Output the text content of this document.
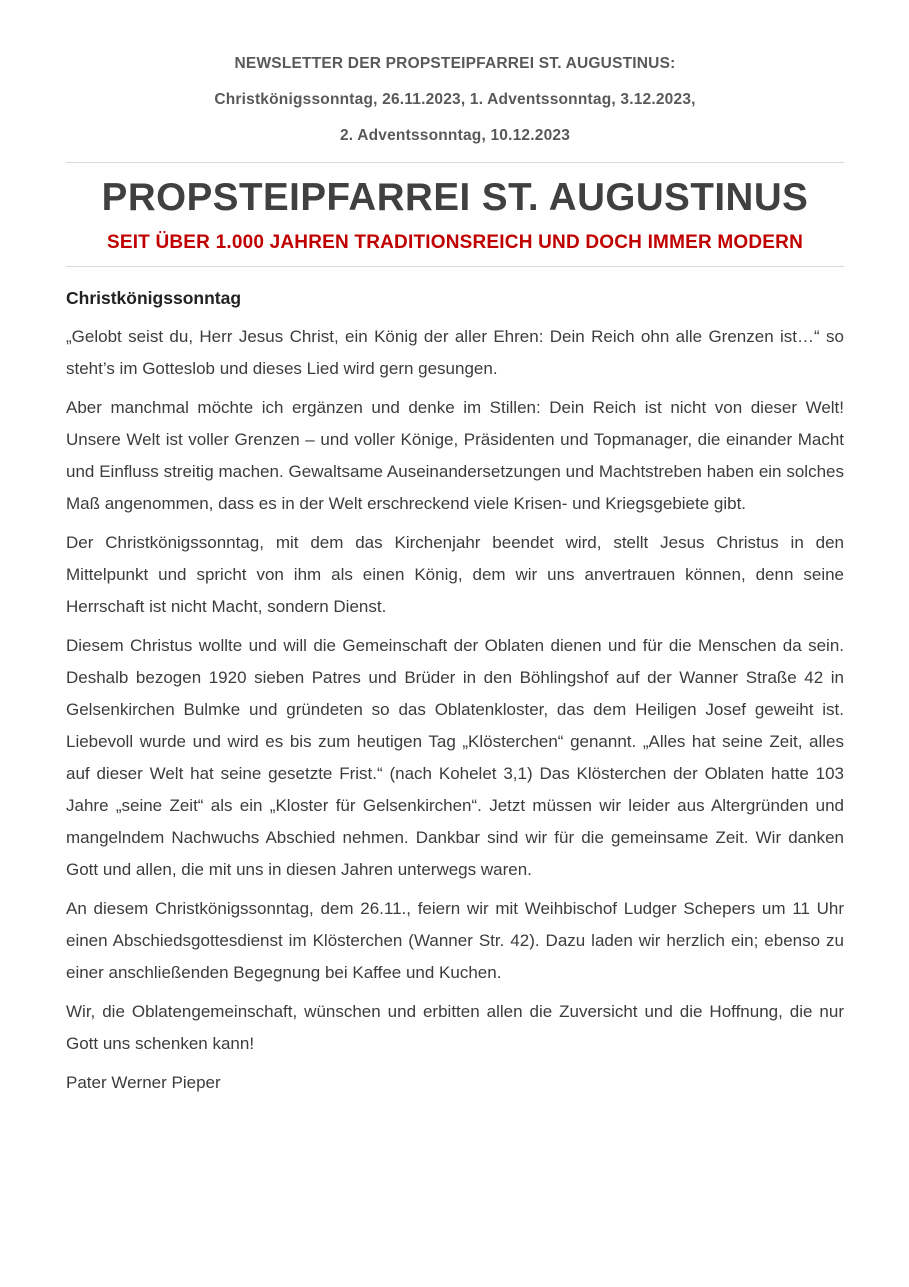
NEWSLETTER DER PROPSTEIPFARREI ST. AUGUSTINUS:
Christkönigssonntag, 26.11.2023, 1. Adventssonntag, 3.12.2023,
2. Adventssonntag, 10.12.2023
PROPSTEIPFARREI ST. AUGUSTINUS
SEIT ÜBER 1.000 JAHREN TRADITIONSREICH UND DOCH IMMER MODERN
Christkönigssonntag

„Gelobt seist du, Herr Jesus Christ, ein König der aller Ehren: Dein Reich ohn alle Grenzen ist…“ so steht’s im Gotteslob und dieses Lied wird gern gesungen.

Aber manchmal möchte ich ergänzen und denke im Stillen: Dein Reich ist nicht von dieser Welt! Unsere Welt ist voller Grenzen – und voller Könige, Präsidenten und Topmanager, die einander Macht und Einfluss streitig machen. Gewaltsame Auseinandersetzungen und Machtstreben haben ein solches Maß angenommen, dass es in der Welt erschreckend viele Krisen- und Kriegsgebiete gibt.

Der Christkönigssonntag, mit dem das Kirchenjahr beendet wird, stellt Jesus Christus in den Mittelpunkt und spricht von ihm als einen König, dem wir uns anvertrauen können, denn seine Herrschaft ist nicht Macht, sondern Dienst.

Diesem Christus wollte und will die Gemeinschaft der Oblaten dienen und für die Menschen da sein. Deshalb bezogen 1920 sieben Patres und Brüder in den Böhlingshof auf der Wanner Straße 42 in Gelsenkirchen Bulmke und gründeten so das Oblatenkloster, das dem Heiligen Josef geweiht ist. Liebevoll wurde und wird es bis zum heutigen Tag „Klösterchen“ genannt. „Alles hat seine Zeit, alles auf dieser Welt hat seine gesetzte Frist.“ (nach Kohelet 3,1) Das Klösterchen der Oblaten hatte 103 Jahre „seine Zeit“ als ein „Kloster für Gelsenkirchen“. Jetzt müssen wir leider aus Altergründen und mangelndem Nachwuchs Abschied nehmen. Dankbar sind wir für die gemeinsame Zeit. Wir danken Gott und allen, die mit uns in diesen Jahren unterwegs waren.

An diesem Christkönigssonntag, dem 26.11., feiern wir mit Weihbischof Ludger Schepers um 11 Uhr einen Abschiedsgottesdienst im Klösterchen (Wanner Str. 42). Dazu laden wir herzlich ein; ebenso zu einer anschließenden Begegnung bei Kaffee und Kuchen.

Wir, die Oblatengemeinschaft, wünschen und erbitten allen die Zuversicht und die Hoffnung, die nur Gott uns schenken kann!

Pater Werner Pieper
